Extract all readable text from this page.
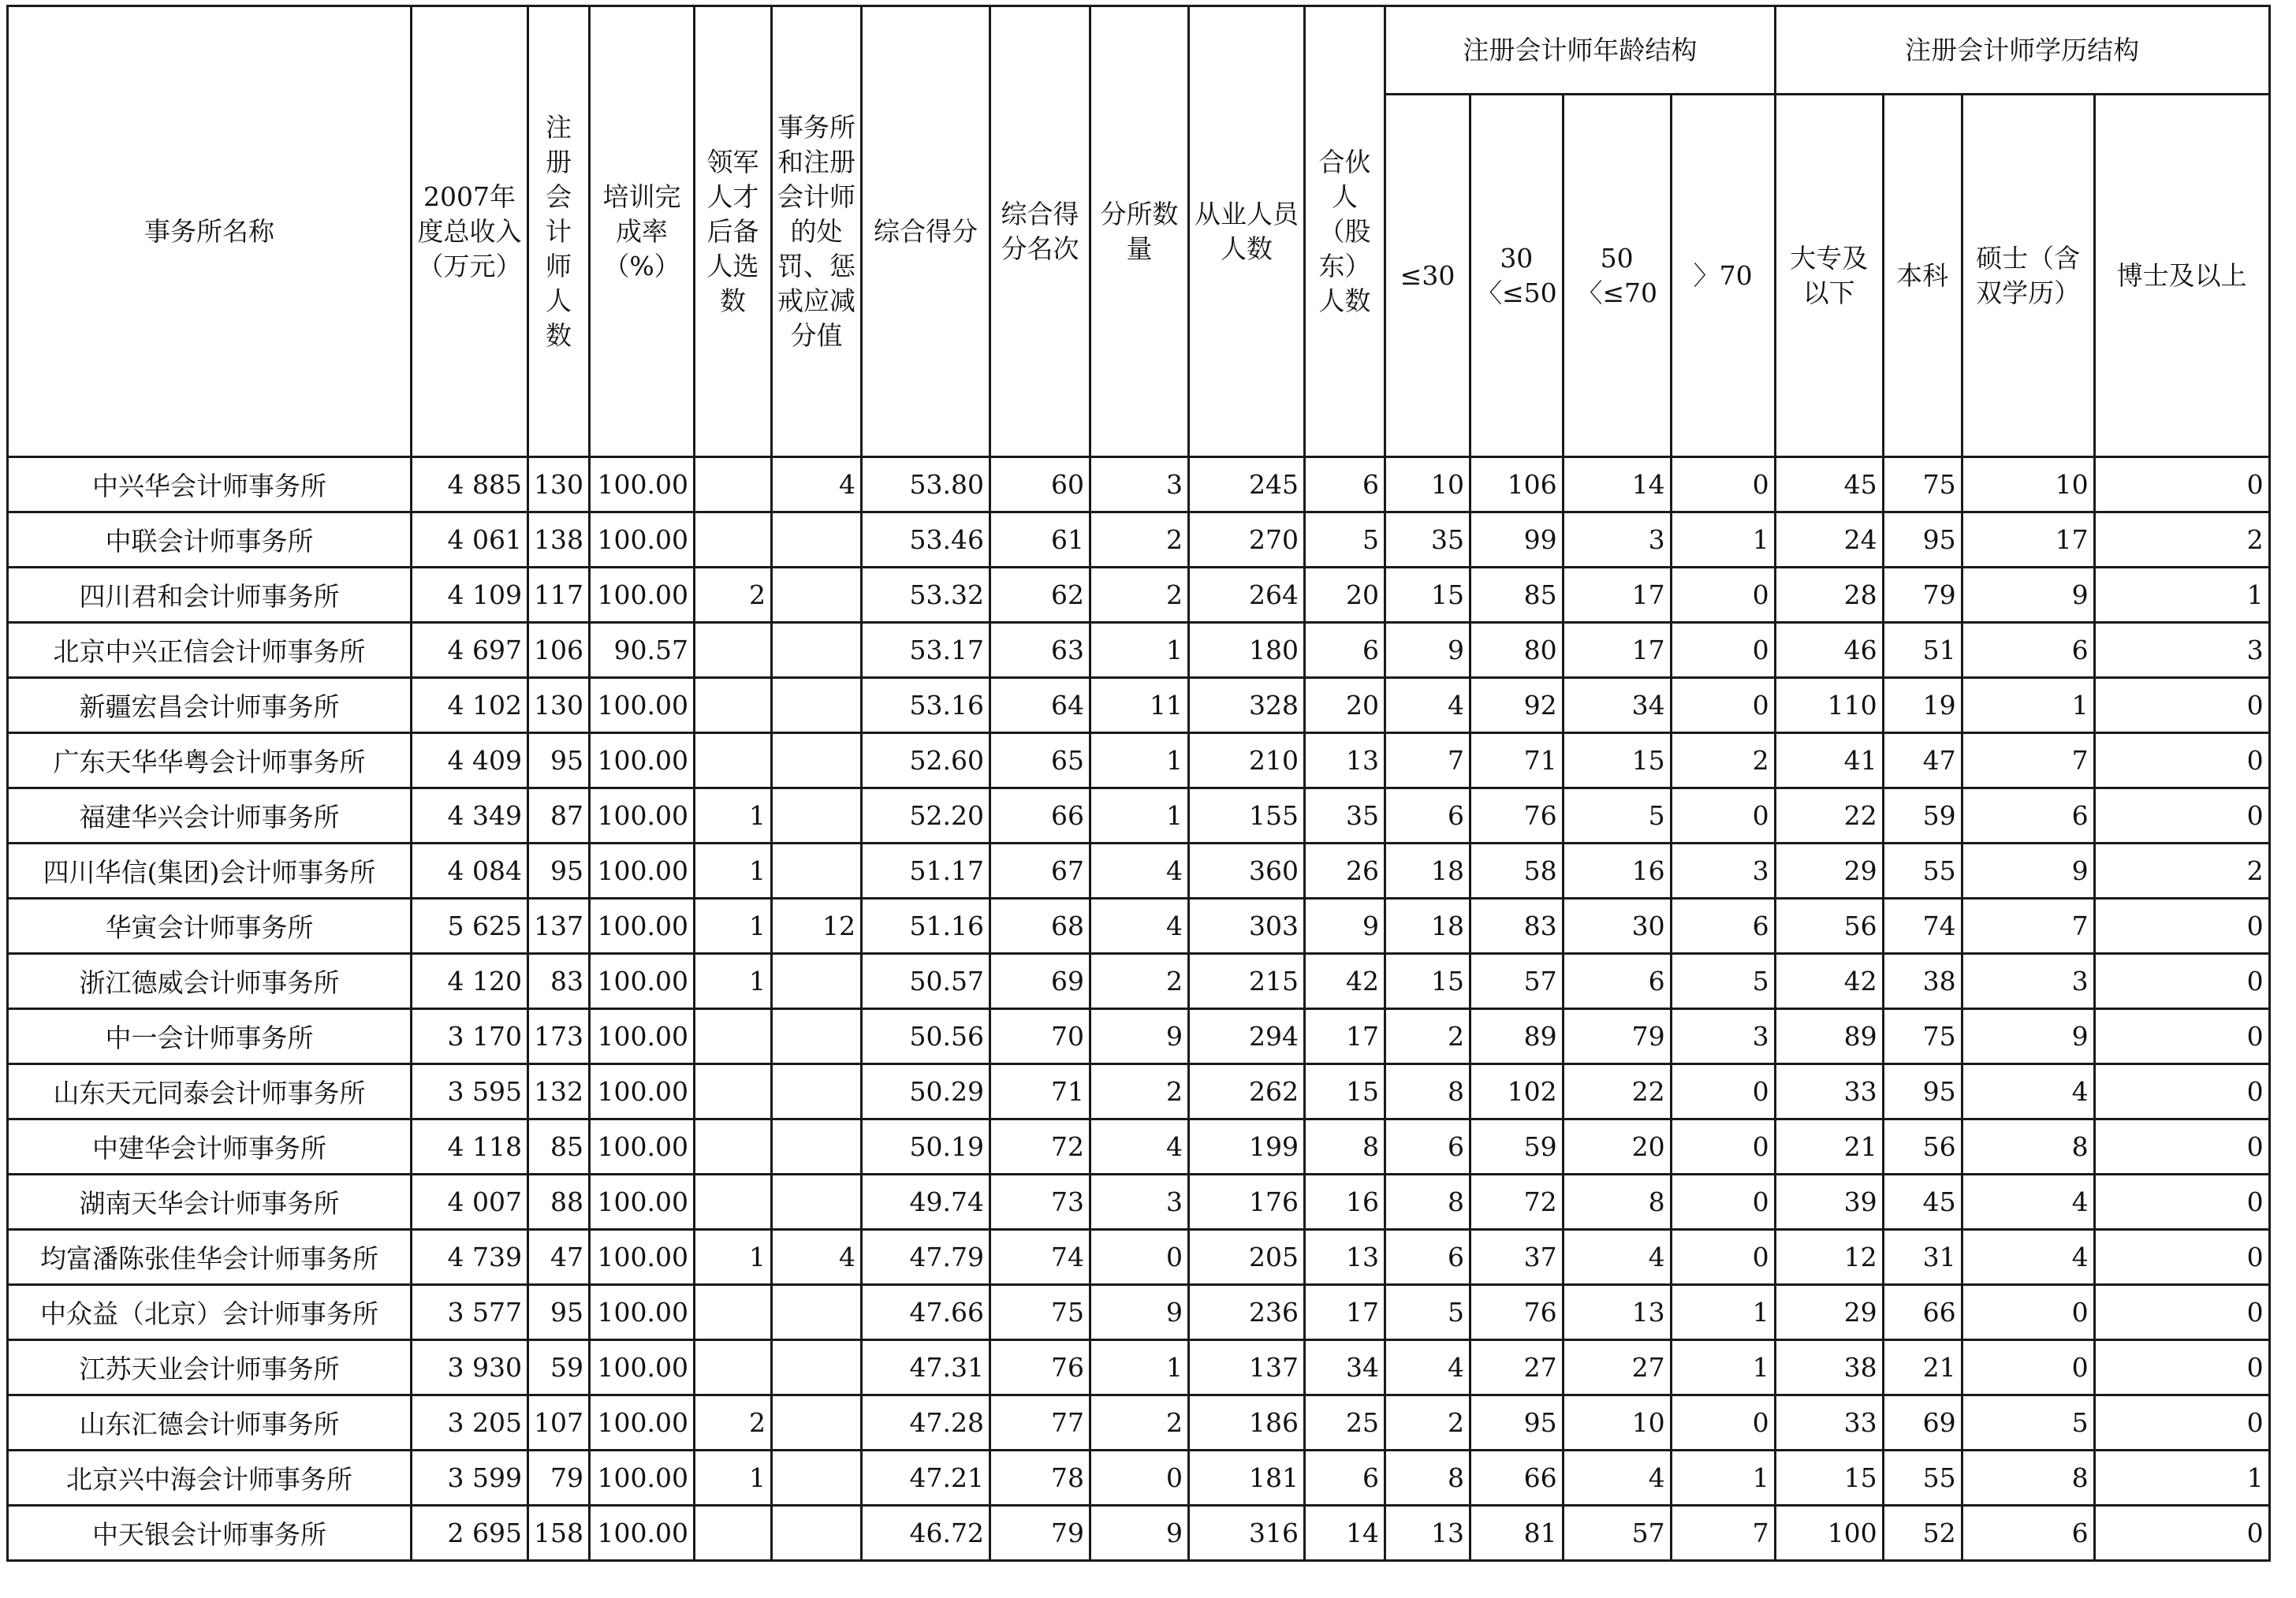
事务所名称	2007年度总收入（万元）	注册会计师人数	培训完成率（%）	领军人才后备人选数	事务所和注册会计师的处罚、惩戒应减分值	综合得分	综合得分名次	分所数量	从业人员人数	合伙人（股东）人数	注册会计师年龄结构				注册会计师学历结构			
											≤30	30〈≤50	50〈≤70	〉70	大专及以下	本科	硕士（含双学历）	博士及以上
中兴华会计师事务所	4 885	130	100.00		4	53.80	60	3	245	6	10	106	14	0	45	75	10	0
中联会计师事务所	4 061	138	100.00			53.46	61	2	270	5	35	99	3	1	24	95	17	2
四川君和会计师事务所	4 109	117	100.00	2		53.32	62	2	264	20	15	85	17	0	28	79	9	1
北京中兴正信会计师事务所	4 697	106	90.57			53.17	63	1	180	6	9	80	17	0	46	51	6	3
新疆宏昌会计师事务所	4 102	130	100.00			53.16	64	11	328	20	4	92	34	0	110	19	1	0
广东天华华粤会计师事务所	4 409	95	100.00			52.60	65	1	210	13	7	71	15	2	41	47	7	0
福建华兴会计师事务所	4 349	87	100.00	1		52.20	66	1	155	35	6	76	5	0	22	59	6	0
四川华信(集团)会计师事务所	4 084	95	100.00	1		51.17	67	4	360	26	18	58	16	3	29	55	9	2
华寅会计师事务所	5 625	137	100.00	1	12	51.16	68	4	303	9	18	83	30	6	56	74	7	0
浙江德威会计师事务所	4 120	83	100.00	1		50.57	69	2	215	42	15	57	6	5	42	38	3	0
中一会计师事务所	3 170	173	100.00			50.56	70	9	294	17	2	89	79	3	89	75	9	0
山东天元同泰会计师事务所	3 595	132	100.00			50.29	71	2	262	15	8	102	22	0	33	95	4	0
中建华会计师事务所	4 118	85	100.00			50.19	72	4	199	8	6	59	20	0	21	56	8	0
湖南天华会计师事务所	4 007	88	100.00			49.74	73	3	176	16	8	72	8	0	39	45	4	0
均富潘陈张佳华会计师事务所	4 739	47	100.00	1	4	47.79	74	0	205	13	6	37	4	0	12	31	4	0
中众益（北京）会计师事务所	3 577	95	100.00			47.66	75	9	236	17	5	76	13	1	29	66	0	0
江苏天业会计师事务所	3 930	59	100.00			47.31	76	1	137	34	4	27	27	1	38	21	0	0
山东汇德会计师事务所	3 205	107	100.00	2		47.28	77	2	186	25	2	95	10	0	33	69	5	0
北京兴中海会计师事务所	3 599	79	100.00	1		47.21	78	0	181	6	8	66	4	1	15	55	8	1
中天银会计师事务所	2 695	158	100.00			46.72	79	9	316	14	13	81	57	7	100	52	6	0
